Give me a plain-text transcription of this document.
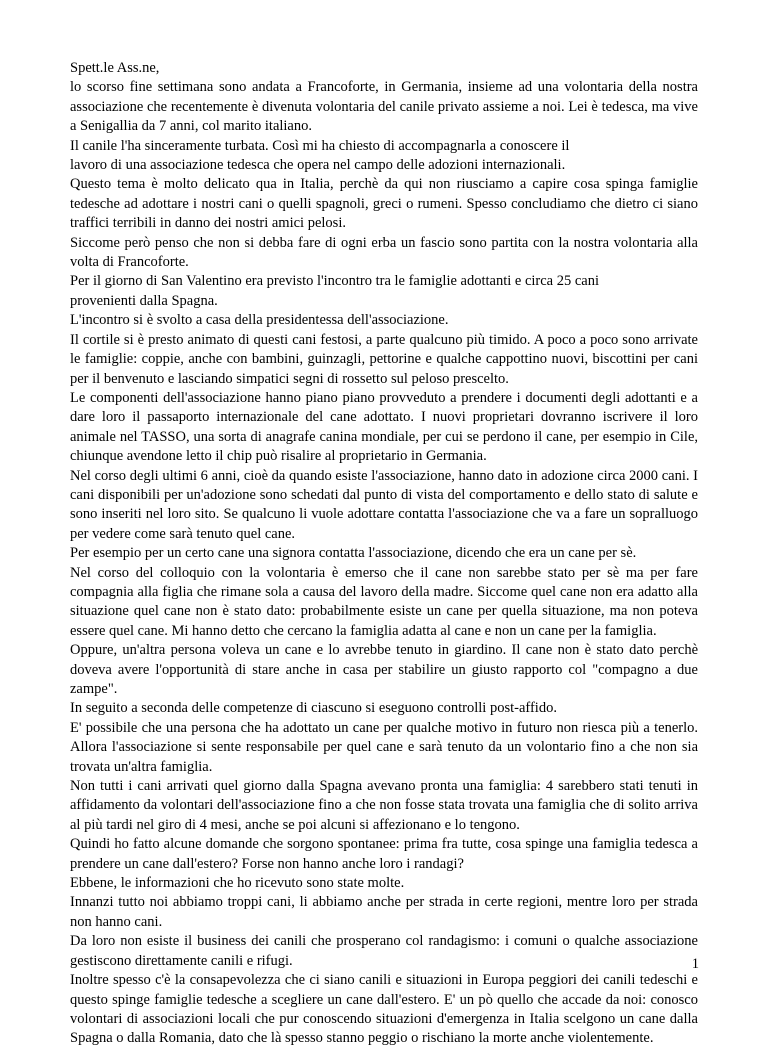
Spett.le Ass.ne,

lo scorso fine settimana sono andata a Francoforte, in Germania, insieme ad una volontaria della nostra associazione che recentemente è divenuta volontaria del canile privato assieme a noi. Lei è tedesca, ma vive a Senigallia da 7 anni, col marito italiano.

Il canile l'ha sinceramente turbata. Così mi ha chiesto di accompagnarla a conoscere il

lavoro di una associazione tedesca che opera nel campo delle adozioni internazionali.

Questo tema è molto delicato qua in Italia, perchè da qui non riusciamo a capire cosa spinga famiglie tedesche ad adottare i nostri cani o quelli spagnoli, greci o rumeni. Spesso concludiamo che dietro ci siano traffici terribili in danno dei nostri amici pelosi.

Siccome però penso che non si debba fare di ogni erba un fascio sono partita con la nostra volontaria alla volta di Francoforte.

Per il giorno di San Valentino era previsto l'incontro tra le famiglie adottanti e circa 25 cani

provenienti dalla Spagna.

L'incontro si è svolto a casa della presidentessa dell'associazione.

Il cortile si è presto animato di questi cani festosi, a parte qualcuno più timido. A poco a poco sono arrivate le famiglie: coppie, anche con bambini, guinzagli, pettorine e qualche cappottino nuovi, biscottini per cani per il benvenuto e lasciando simpatici segni di rossetto sul peloso prescelto.

Le componenti dell'associazione hanno piano piano provveduto a prendere i documenti degli adottanti e a dare loro il passaporto internazionale del cane adottato. I nuovi proprietari dovranno iscrivere il loro animale nel TASSO, una sorta di anagrafe canina mondiale, per cui se perdono il cane, per esempio in Cile, chiunque avendone letto il chip può risalire al proprietario in Germania.

Nel corso degli ultimi 6 anni, cioè da quando esiste l'associazione, hanno dato in adozione circa 2000 cani. I cani disponibili per un'adozione sono schedati dal punto di vista del comportamento e dello stato di salute e sono inseriti nel loro sito. Se qualcuno li vuole adottare contatta l'associazione che va a fare un sopralluogo per vedere come sarà tenuto quel cane.

Per esempio per un certo cane una signora contatta l'associazione, dicendo che era un cane per sè.

Nel corso del colloquio con la volontaria è emerso che il cane non sarebbe stato per sè ma per fare compagnia alla figlia che rimane sola a causa del lavoro della madre. Siccome quel cane non era adatto alla situazione quel cane non è stato dato: probabilmente esiste un cane per quella situazione, ma non poteva essere quel cane. Mi hanno detto che cercano la famiglia adatta al cane e non un cane per la famiglia.

Oppure, un'altra persona voleva un cane e lo avrebbe tenuto in giardino. Il cane non è stato dato perchè doveva avere l'opportunità di stare anche in casa per stabilire un giusto rapporto col "compagno a due zampe".

In seguito a seconda delle competenze di ciascuno si eseguono controlli post-affido.

E' possibile che una persona che ha adottato un cane per qualche motivo in futuro non riesca più a tenerlo. Allora l'associazione si sente responsabile per quel cane e sarà tenuto da un volontario fino a che non sia trovata un'altra famiglia.

Non tutti i cani arrivati quel giorno dalla Spagna avevano pronta una famiglia: 4 sarebbero stati tenuti in affidamento da volontari dell'associazione fino a che non fosse stata trovata una famiglia che di solito arriva al più tardi nel giro di 4 mesi, anche se poi alcuni si affezionano e lo tengono.

Quindi ho fatto alcune domande che sorgono spontanee: prima fra tutte, cosa spinge una famiglia tedesca a prendere un cane dall'estero? Forse non hanno anche loro i randagi?

Ebbene, le informazioni che ho ricevuto sono state molte.

Innanzi tutto noi abbiamo troppi cani, li abbiamo anche per strada in certe regioni, mentre loro per strada non hanno cani.

Da loro non esiste il business dei canili che prosperano col randagismo: i comuni o qualche associazione gestiscono direttamente canili e rifugi.

Inoltre spesso c'è la consapevolezza che ci siano canili e situazioni in Europa peggiori dei canili tedeschi e questo spinge famiglie tedesche a scegliere un cane dall'estero. E' un pò quello che accade da noi: conosco volontari di associazioni locali che pur conoscendo situazioni d'emergenza in Italia scelgono un cane dalla Spagna o dalla Romania, dato che là spesso stanno peggio o rischiano la morte anche violentemente.

1
